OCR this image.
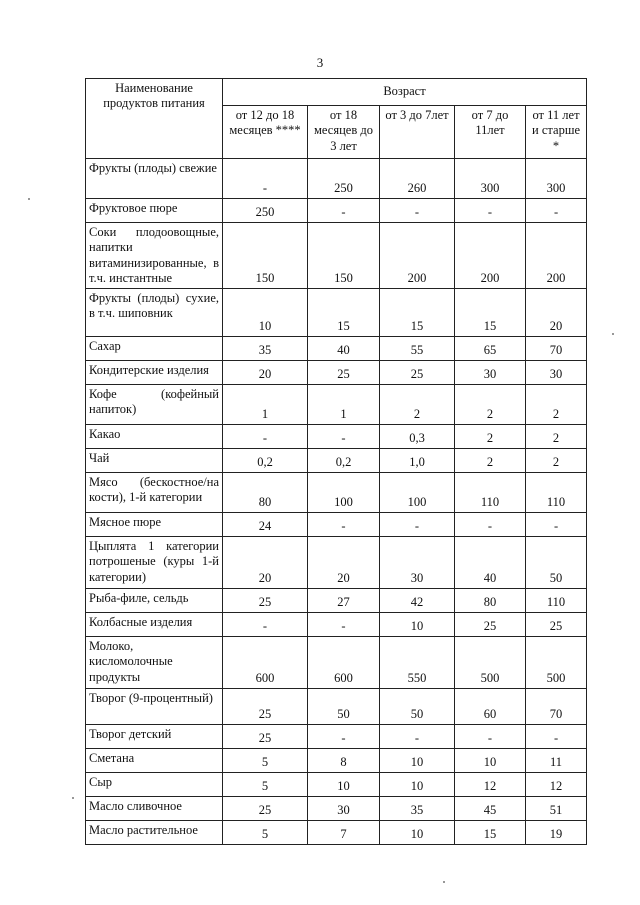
3
Наименование продуктов питания	Возраст				
	от 12 до 18 месяцев ****	от 18 месяцев до 3 лет	от 3 до 7лет	от 7 до 11лет	от 11 лет и старше *
Фрукты (плоды) свежие	-	250	260	300	300
Фруктовое пюре	250	-	-	-	-
Соки плодоовощные, напитки витаминизированные, в т.ч. инстантные	150	150	200	200	200
Фрукты (плоды) сухие, в т.ч. шиповник	10	15	15	15	20
Сахар	35	40	55	65	70
Кондитерские изделия	20	25	25	30	30
Кофе (кофейный напиток)	1	1	2	2	2
Какао	-	-	0,3	2	2
Чай	0,2	0,2	1,0	2	2
Мясо (бескостное/на кости), 1-й категории	80	100	100	110	110
Мясное пюре	24	-	-	-	-
Цыплята 1 категории потрошеные (куры 1-й категории)	20	20	30	40	50
Рыба-филе, сельдь	25	27	42	80	110
Колбасные изделия	-	-	10	25	25
Молоко, кисломолочные продукты	600	600	550	500	500
Творог (9-процентный)	25	50	50	60	70
Творог детский	25	-	-	-	-
Сметана	5	8	10	10	11
Сыр	5	10	10	12	12
Масло сливочное	25	30	35	45	51
Масло растительное	5	7	10	15	19
